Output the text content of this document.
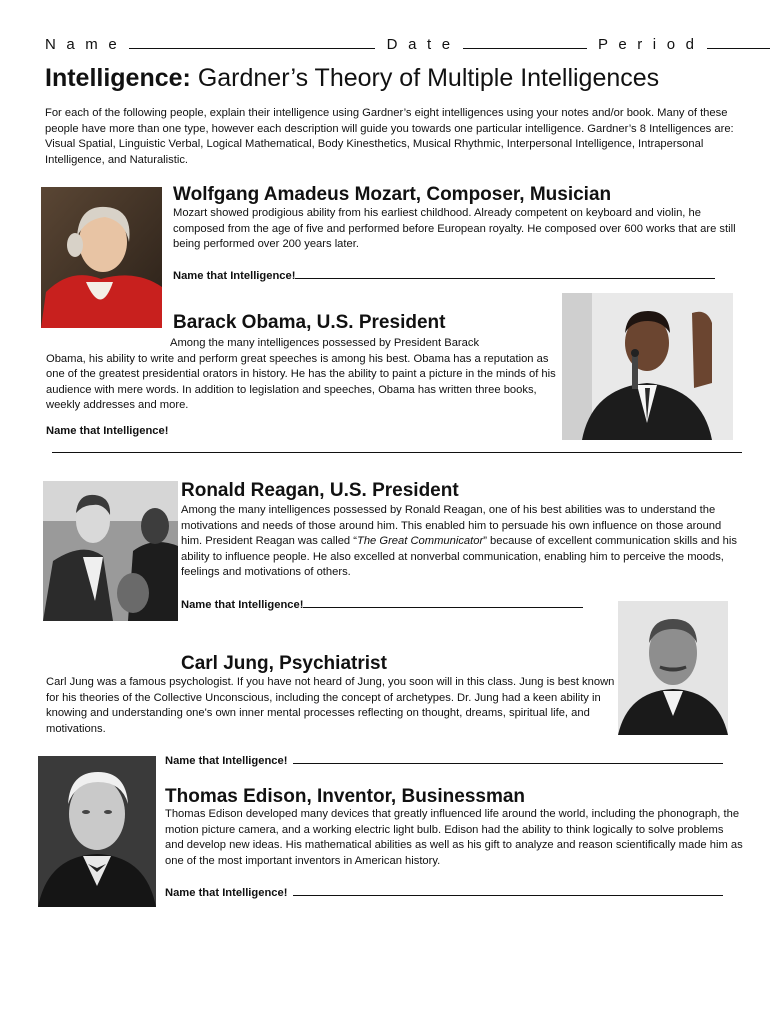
N a m e	D a t e	P e r i o d
Intelligence: Gardner’s Theory of Multiple Intelligences
For each of the following people, explain their intelligence using Gardner’s eight intelligences using your notes and/or book. Many of these people have more than one type, however each description will guide you towards one particular intelligence. Gardner’s 8 Intelligences are: Visual Spatial, Linguistic Verbal, Logical Mathematical, Body Kinesthetics, Musical Rhythmic, Interpersonal Intelligence, Intrapersonal Intelligence, and Naturalistic.
Wolfgang Amadeus Mozart, Composer, Musician
Mozart showed prodigious ability from his earliest childhood. Already competent on keyboard and violin, he composed from the age of five and performed before European royalty. He composed over 600 works that are still being performed over 200 years later.
Name that Intelligence!
Barack Obama, U.S. President
Among the many intelligences possessed by President Barack
Obama, his ability to write and perform great speeches is among his best. Obama has a reputation as one of the greatest presidential orators in history. He has the ability to paint a picture in the minds of his audience with mere words. In addition to legislation and speeches, Obama has written three books, weekly addresses and more.
Name that Intelligence!
Ronald Reagan, U.S. President
Among the many intelligences possessed by Ronald Reagan, one of his best abilities was to understand the motivations and needs of those around him. This enabled him to persuade his own influence on those around him. President Reagan was called “The Great Communicator” because of excellent communication skills and his ability to influence people. He also excelled at nonverbal communication, enabling him to perceive the moods, feelings and motivations of others.
Name that Intelligence!
Carl Jung, Psychiatrist
Carl Jung was a famous psychologist. If you have not heard of Jung, you soon will in this class. Jung is best known for his theories of the Collective Unconscious, including the concept of archetypes. Dr. Jung had a keen ability in knowing and understanding one's own inner mental processes reflecting on thought, dreams, spiritual life, and motivations.
Name that Intelligence!
Thomas Edison, Inventor, Businessman
Thomas Edison developed many devices that greatly influenced life around the world, including the phonograph, the motion picture camera, and a working electric light bulb. Edison had the ability to think logically to solve problems and develop new ideas. His mathematical abilities as well as his gift to analyze and reason scientifically made him as one of the most important inventors in American history.
Name that Intelligence!
